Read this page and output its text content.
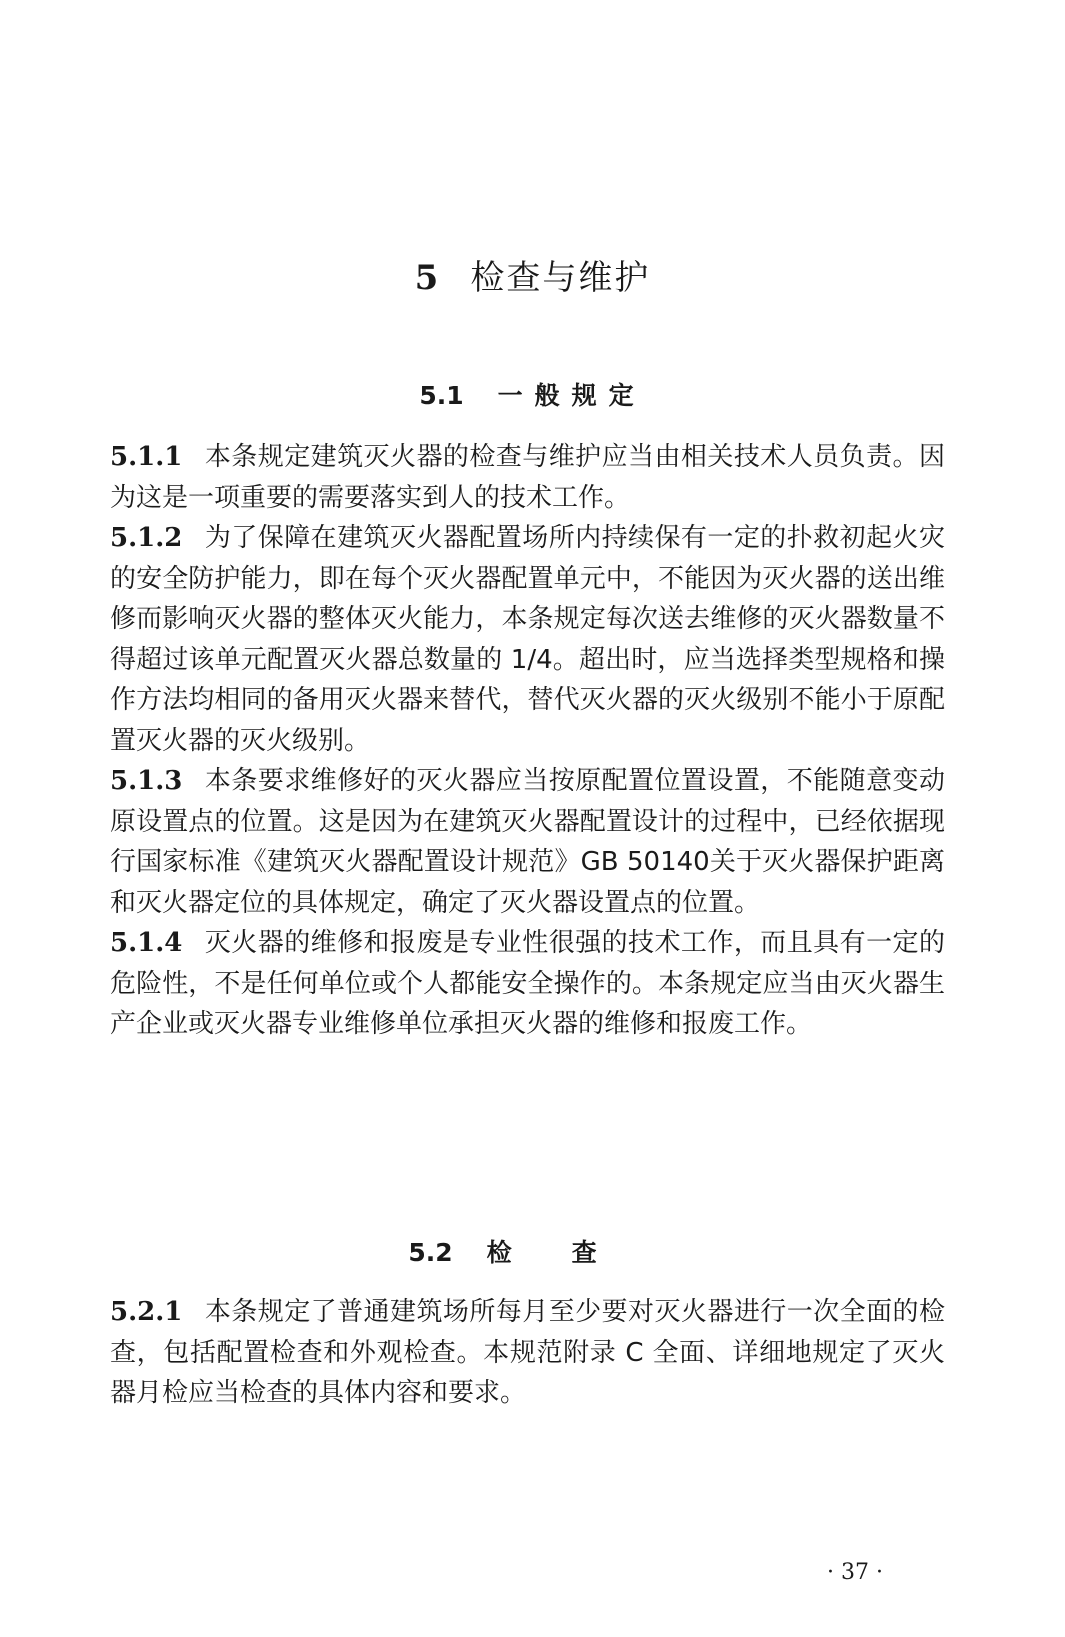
5 检查与维护
5.1 一般规定

5.1.1 本条规定建筑灭火器的检查与维护应当由相关技术人员负责。因为这是一项重要的需要落实到人的技术工作。

5.1.2 为了保障在建筑灭火器配置场所内持续保有一定的扑救初起火灾的安全防护能力，即在每个灭火器配置单元中，不能因为灭火器的送出维修而影响灭火器的整体灭火能力，本条规定每次送去维修的灭火器数量不得超过该单元配置灭火器总数量的 1/4。超出时，应当选择类型规格和操作方法均相同的备用灭火器来替代，替代灭火器的灭火级别不能小于原配置灭火器的灭火级别。

5.1.3 本条要求维修好的灭火器应当按原配置位置设置，不能随意变动原设置点的位置。这是因为在建筑灭火器配置设计的过程中，已经依据现行国家标准《建筑灭火器配置设计规范》GB 50140关于灭火器保护距离和灭火器定位的具体规定，确定了灭火器设置点的位置。

5.1.4 灭火器的维修和报废是专业性很强的技术工作，而且具有一定的危险性，不是任何单位或个人都能安全操作的。本条规定应当由灭火器生产企业或灭火器专业维修单位承担灭火器的维修和报废工作。

5.2 检查

5.2.1 本条规定了普通建筑场所每月至少要对灭火器进行一次全面的检查，包括配置检查和外观检查。本规范附录 C 全面、详细地规定了灭火器月检应当检查的具体内容和要求。

· 37 ·
